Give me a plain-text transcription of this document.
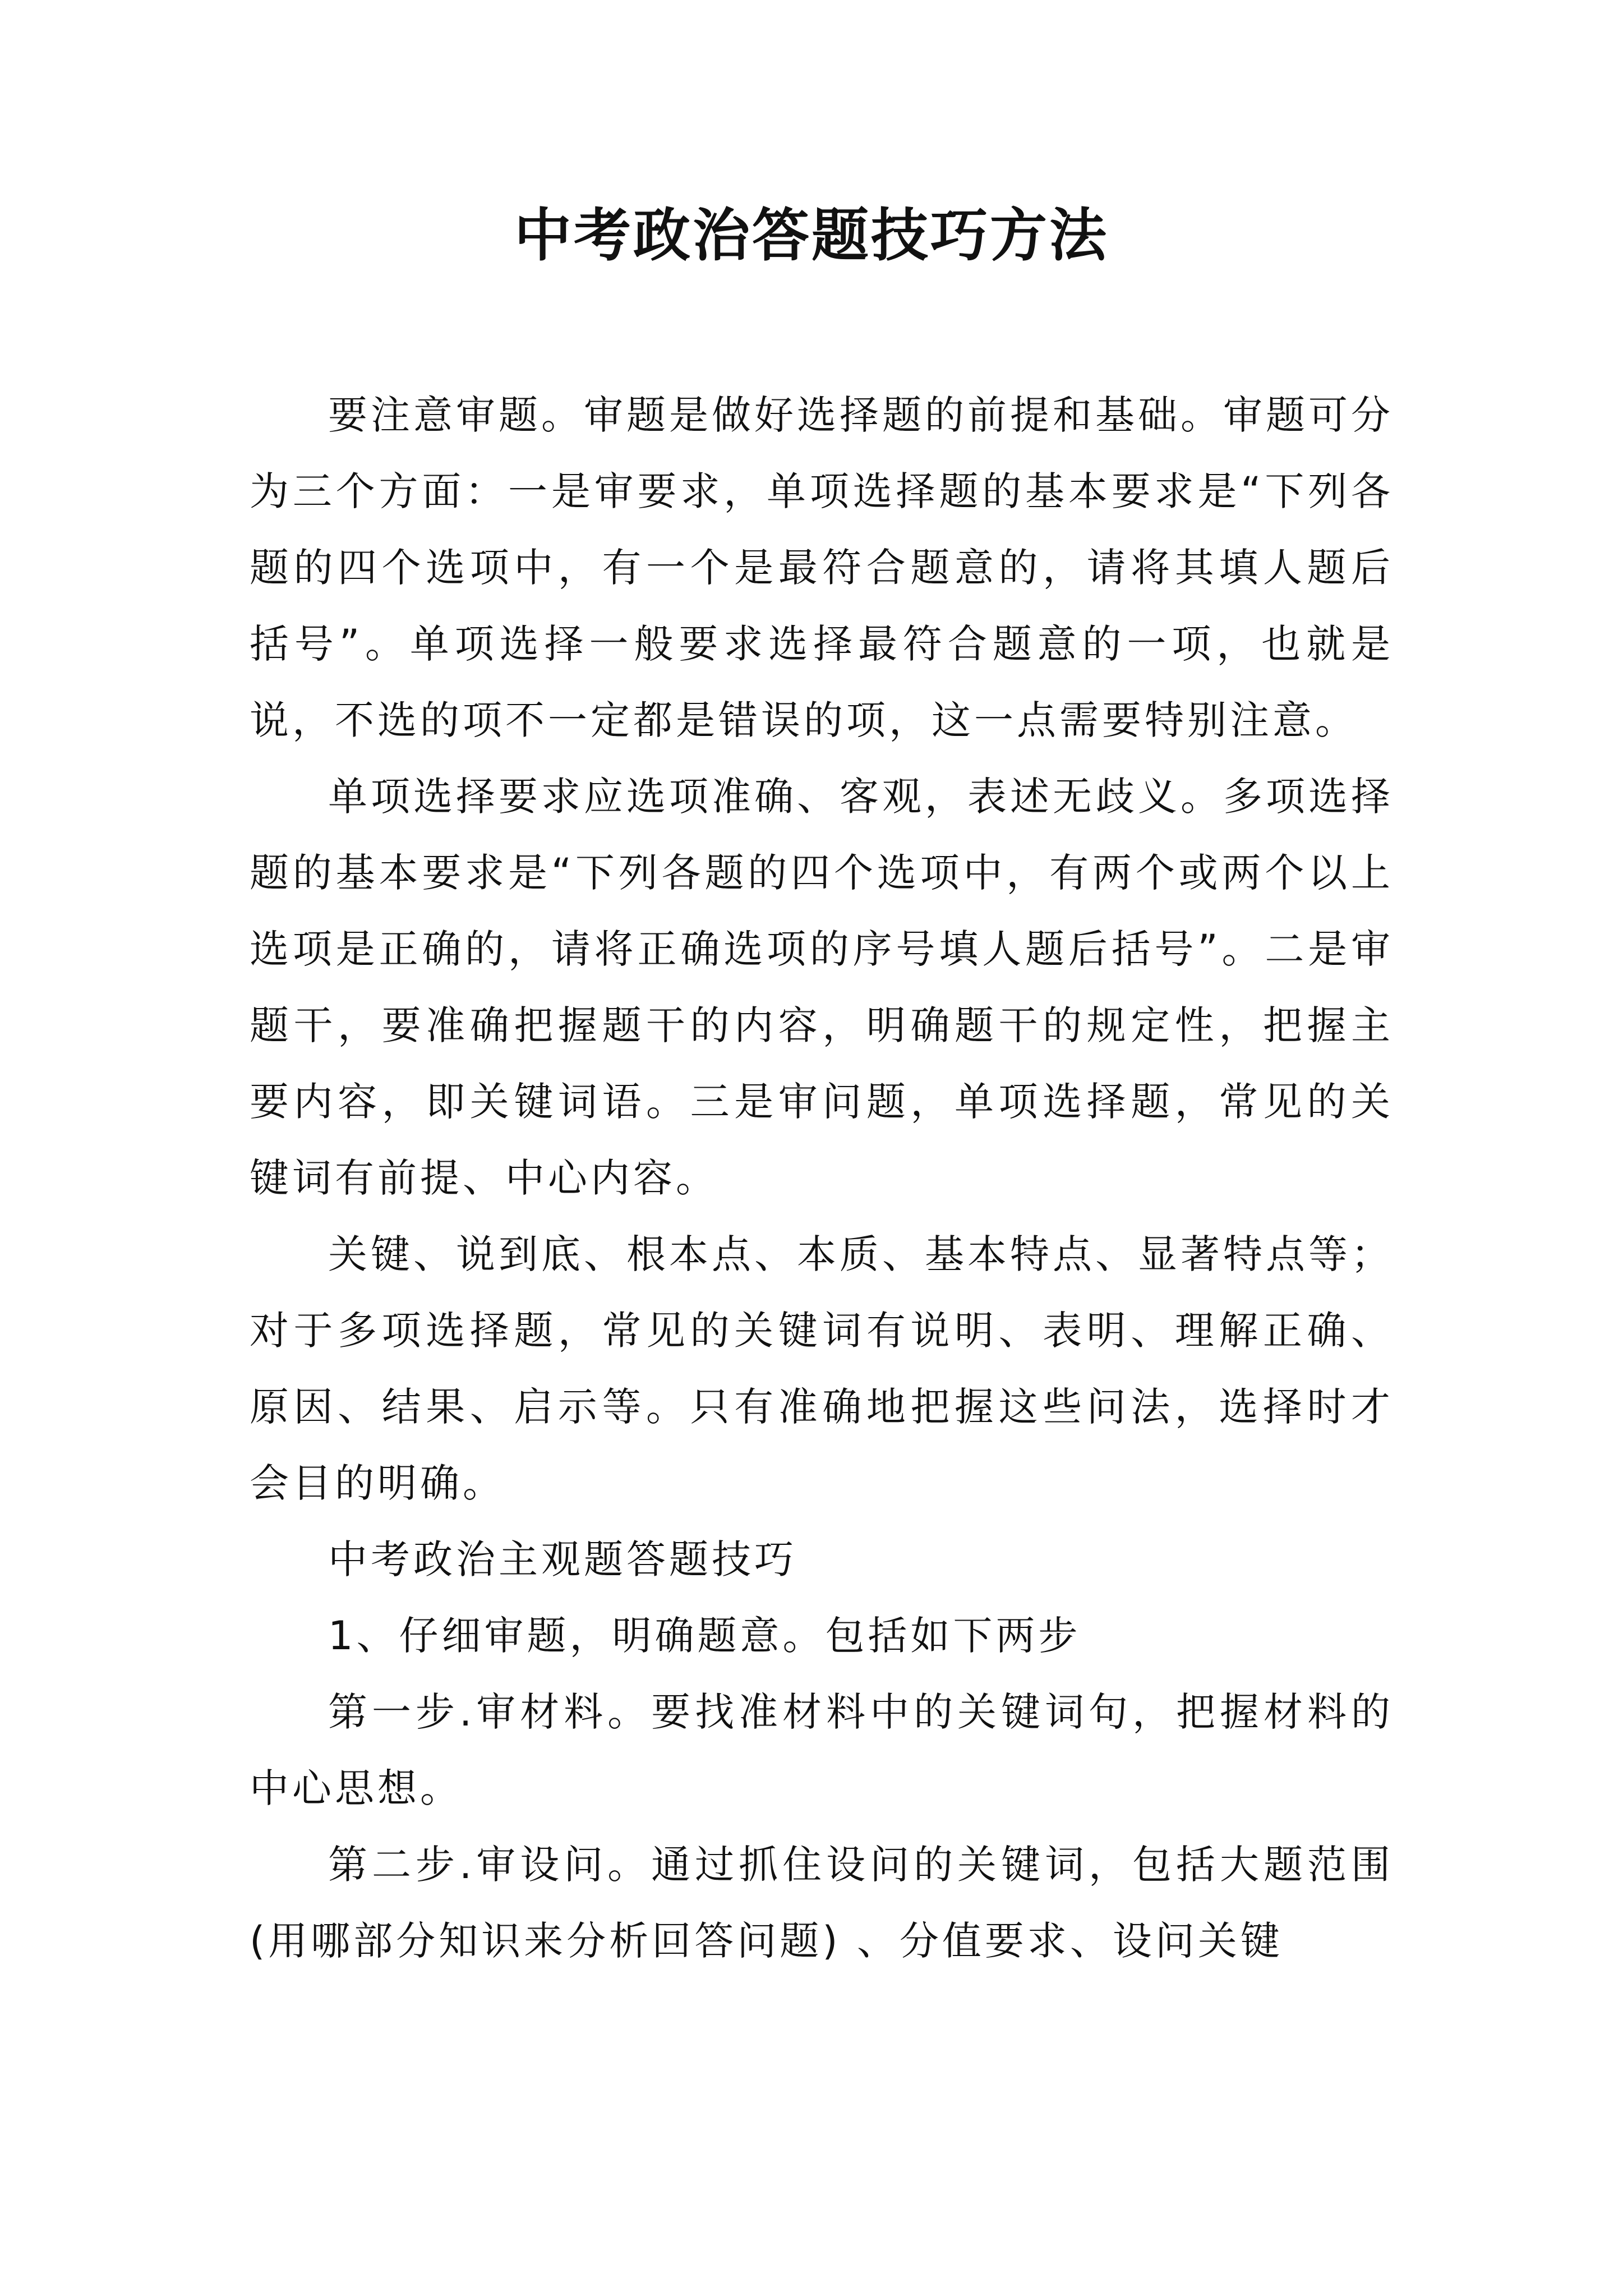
中考政治答题技巧方法

要注意审题。审题是做好选择题的前提和基础。审题可分为三个方面：一是审要求，单项选择题的基本要求是“下列各题的四个选项中，有一个是最符合题意的，请将其填人题后括号”。单项选择一般要求选择最符合题意的一项，也就是说，不选的项不一定都是错误的项，这一点需要特别注意。

单项选择要求应选项准确、客观，表述无歧义。多项选择题的基本要求是“下列各题的四个选项中，有两个或两个以上选项是正确的，请将正确选项的序号填人题后括号”。二是审题干，要准确把握题干的内容，明确题干的规定性，把握主要内容，即关键词语。三是审问题，单项选择题，常见的关键词有前提、中心内容。

关键、说到底、根本点、本质、基本特点、显著特点等；对于多项选择题，常见的关键词有说明、表明、理解正确、原因、结果、启示等。只有准确地把握这些问法，选择时才会目的明确。

中考政治主观题答题技巧

1、仔细审题，明确题意。包括如下两步

第一步.审材料。要找准材料中的关键词句，把握材料的中心思想。

第二步.审设问。通过抓住设问的关键词，包括大题范围(用哪部分知识来分析回答问题) 、分值要求、设问关键
